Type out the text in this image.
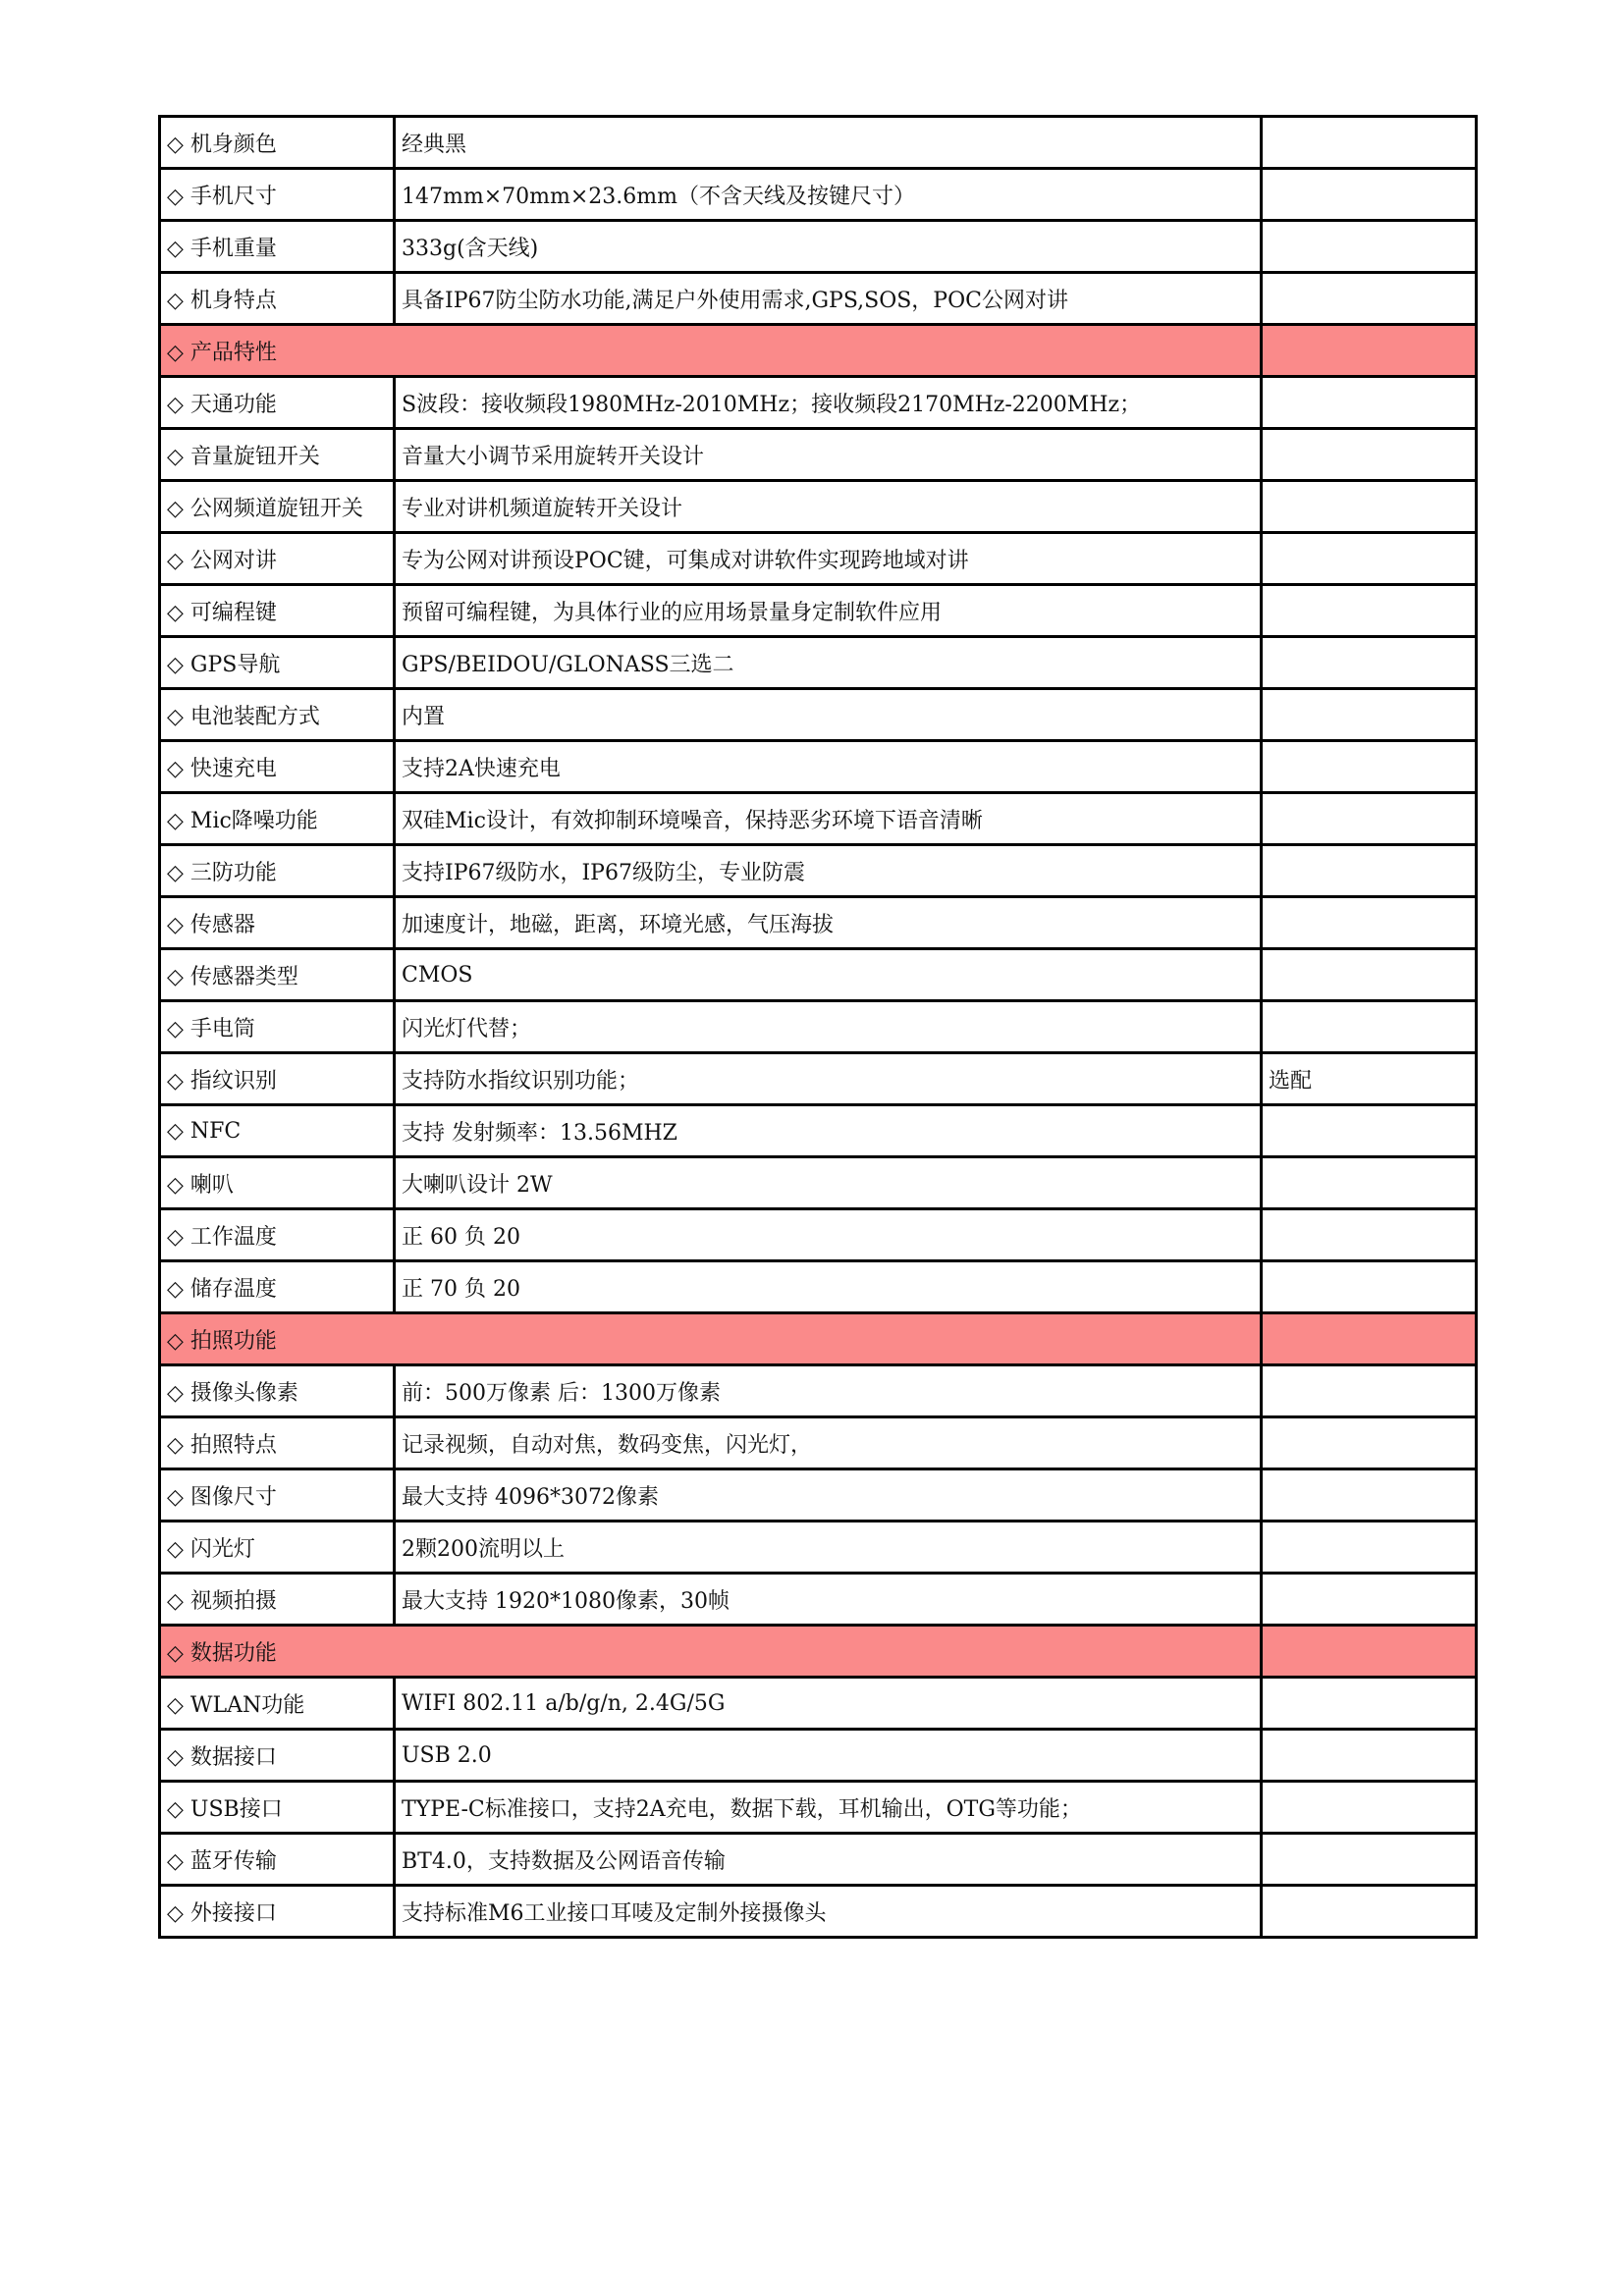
◇ 机身颜色	经典黑	
◇ 手机尺寸	147mm×70mm×23.6mm（不含天线及按键尺寸）	
◇ 手机重量	333g(含天线)	
◇ 机身特点	具备IP67防尘防水功能,满足户外使用需求,GPS,SOS，POC公网对讲	
◇ 产品特性		
◇ 天通功能	S波段：接收频段1980MHz-2010MHz；接收频段2170MHz-2200MHz；	
◇ 音量旋钮开关	音量大小调节采用旋转开关设计	
◇ 公网频道旋钮开关	专业对讲机频道旋转开关设计	
◇ 公网对讲	专为公网对讲预设POC键，可集成对讲软件实现跨地域对讲	
◇ 可编程键	预留可编程键，为具体行业的应用场景量身定制软件应用	
◇ GPS导航	GPS/BEIDOU/GLONASS三选二	
◇ 电池装配方式	内置	
◇ 快速充电	支持2A快速充电	
◇ Mic降噪功能	双硅Mic设计，有效抑制环境噪音，保持恶劣环境下语音清晰	
◇ 三防功能	支持IP67级防水，IP67级防尘，专业防震	
◇ 传感器	加速度计，地磁，距离，环境光感，气压海拔	
◇ 传感器类型	CMOS	
◇ 手电筒	闪光灯代替；	
◇ 指纹识别	支持防水指纹识别功能；	选配
◇ NFC	支持 发射频率：13.56MHZ	
◇ 喇叭	大喇叭设计 2W	
◇ 工作温度	正 60 负 20	
◇ 储存温度	正 70 负 20	
◇ 拍照功能		
◇ 摄像头像素	前：500万像素 后：1300万像素	
◇ 拍照特点	记录视频，自动对焦，数码变焦，闪光灯，	
◇ 图像尺寸	最大支持 4096*3072像素	
◇ 闪光灯	2颗200流明以上	
◇ 视频拍摄	最大支持 1920*1080像素，30帧	
◇ 数据功能		
◇ WLAN功能	WIFI 802.11 a/b/g/n, 2.4G/5G	
◇ 数据接口	USB 2.0	
◇ USB接口	TYPE-C标准接口，支持2A充电，数据下载，耳机输出，OTG等功能；	
◇ 蓝牙传输	BT4.0，支持数据及公网语音传输	
◇ 外接接口	支持标准M6工业接口耳唛及定制外接摄像头	
